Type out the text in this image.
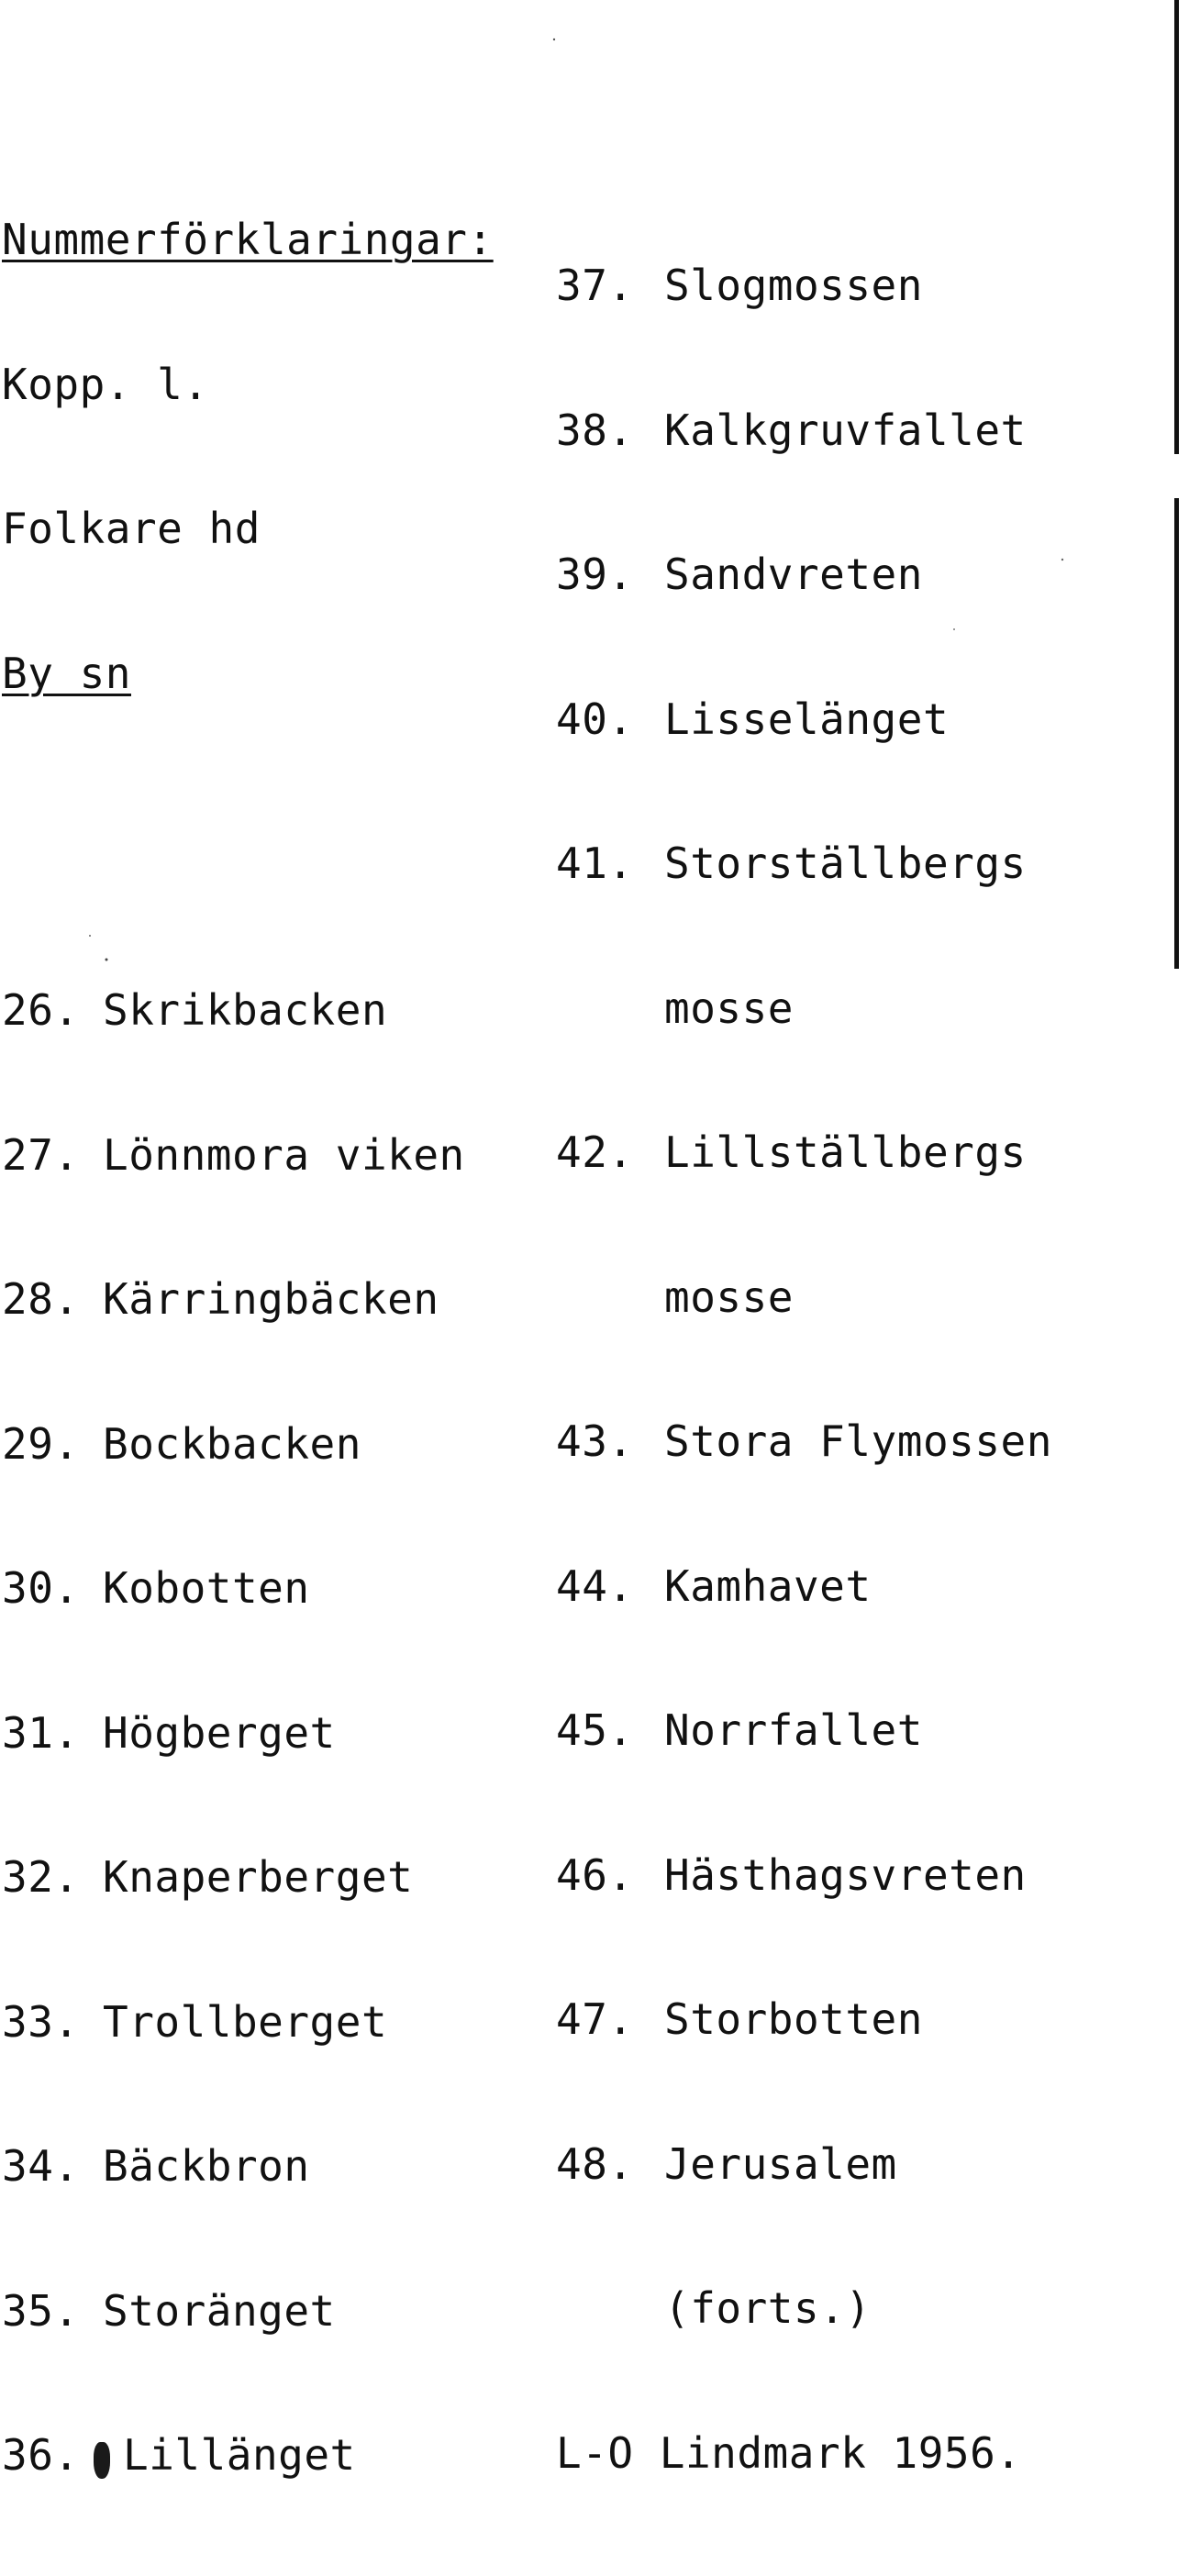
Nummerförklaringar:

Kopp. l.

Folkare hd

By sn

26. Skrikbacken

27. Lönnmora viken

28. Kärringbäcken

29. Bockbacken

30. Kobotten

31. Högberget

32. Knaperberget

33. Trollberget

34. Bäckbron

35. Storänget

36. Lillänget

37. Slogmossen

38. Kalkgruvfallet

39. Sandvreten

40. Lisselänget

41. Storställbergs

mosse

42. Lillställbergs

mosse

43. Stora Flymossen

44. Kamhavet

45. Norrfallet

46. Hästhagsvreten

47. Storbotten

48. Jerusalem

(forts.)

L-O Lindmark 1956.
